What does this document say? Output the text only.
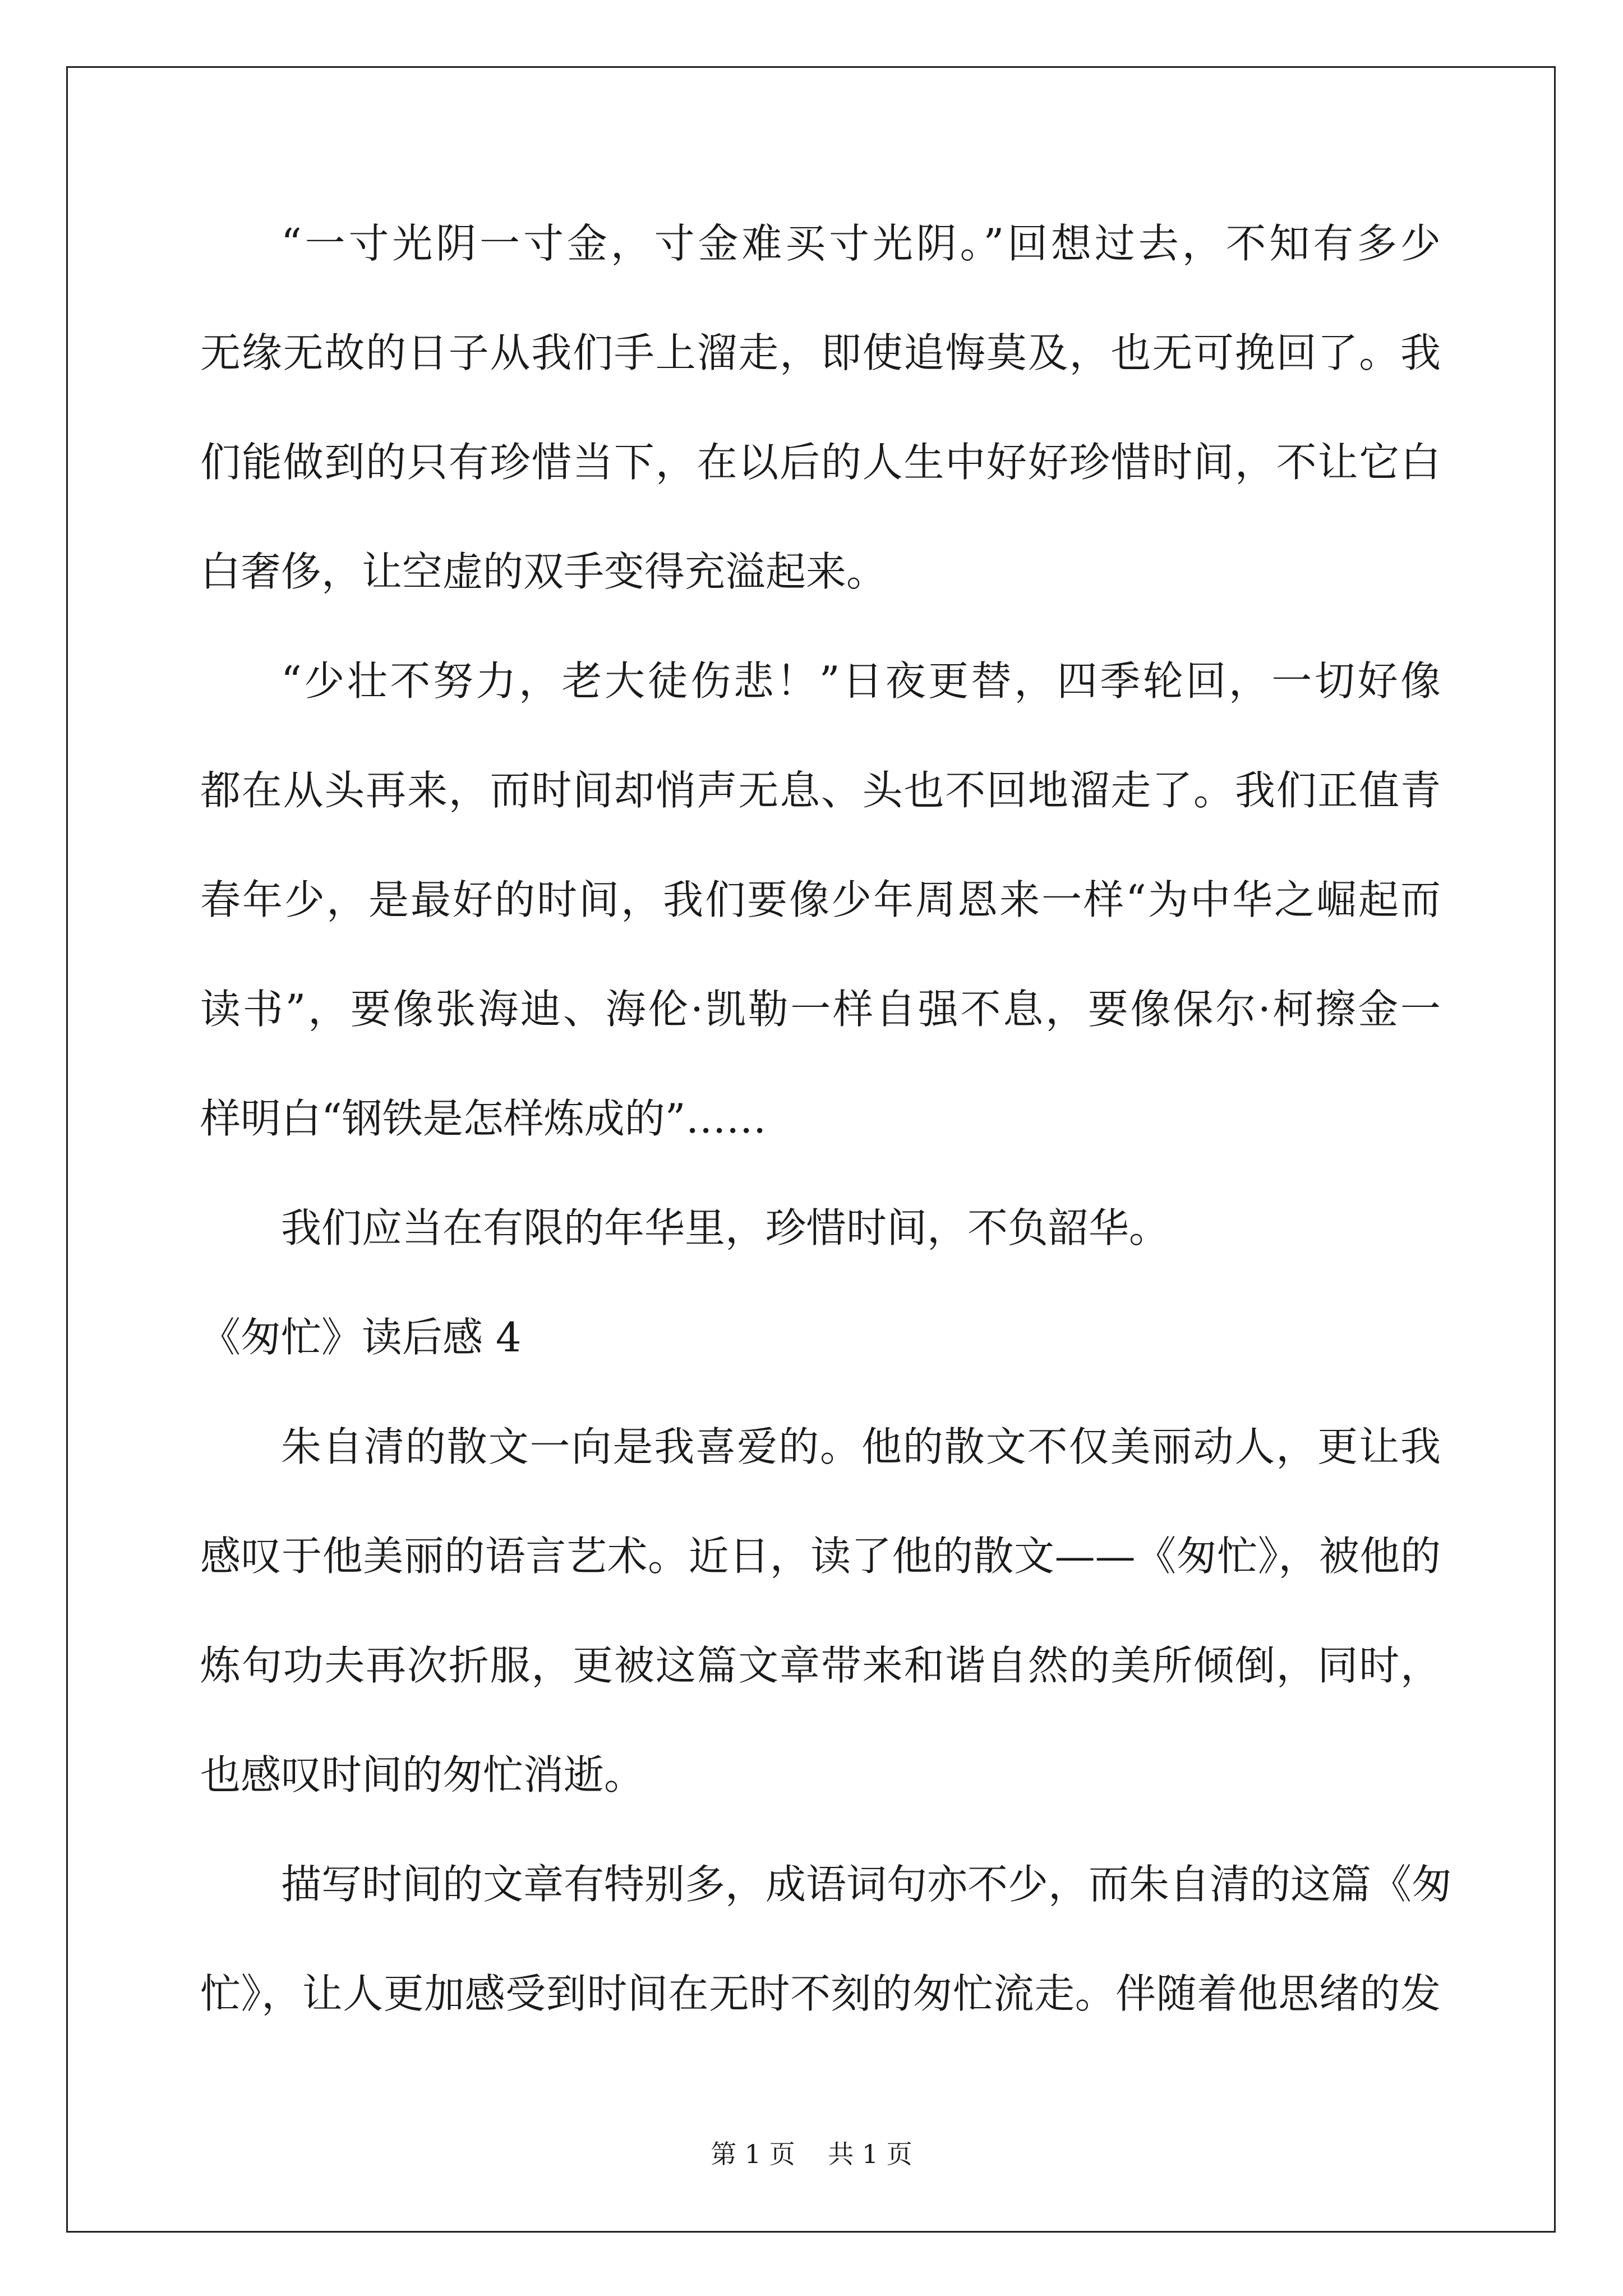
“一寸光阴一寸金，寸金难买寸光阴。”回想过去，不知有多少
无缘无故的日子从我们手上溜走，即使追悔莫及，也无可挽回了。我
们能做到的只有珍惜当下，在以后的人生中好好珍惜时间，不让它白
白奢侈，让空虚的双手变得充溢起来。
“少壮不努力，老大徒伤悲！”日夜更替，四季轮回，一切好像
都在从头再来，而时间却悄声无息、头也不回地溜走了。我们正值青
春年少，是最好的时间，我们要像少年周恩来一样“为中华之崛起而
读书”，要像张海迪、海伦·凯勒一样自强不息，要像保尔·柯擦金一
样明白“钢铁是怎样炼成的”……
我们应当在有限的年华里，珍惜时间，不负韶华。
《匆忙》读后感 4
朱自清的散文一向是我喜爱的。他的散文不仅美丽动人，更让我
感叹于他美丽的语言艺术。近日，读了他的散文——《匆忙》，被他的
炼句功夫再次折服，更被这篇文章带来和谐自然的美所倾倒，同时，
也感叹时间的匆忙消逝。
描写时间的文章有特别多，成语词句亦不少，而朱自清的这篇《匆
忙》，让人更加感受到时间在无时不刻的匆忙流走。伴随着他思绪的发
第 1 页 共 1 页
